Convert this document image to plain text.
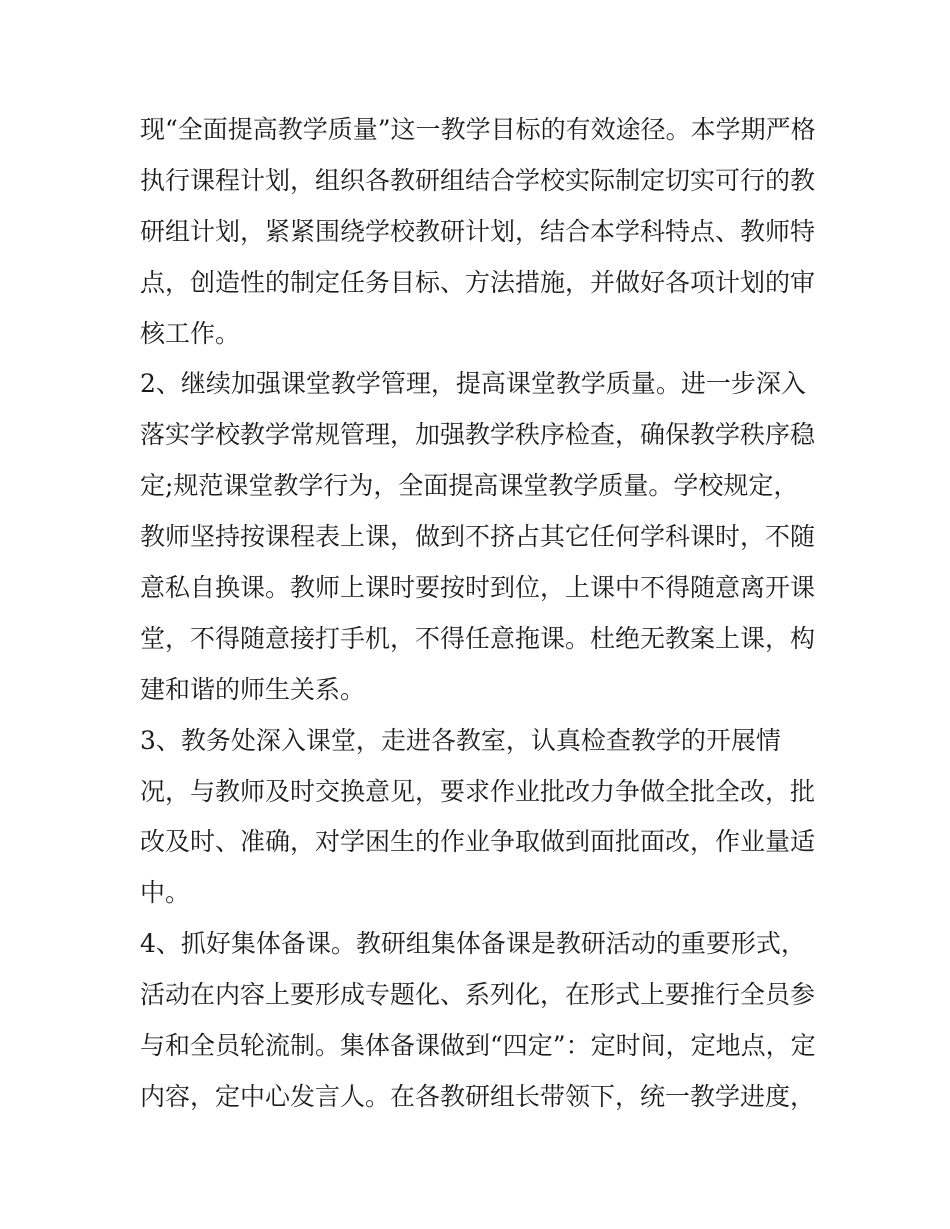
现“全面提高教学质量”这一教学目标的有效途径。本学期严格
执行课程计划，组织各教研组结合学校实际制定切实可行的教
研组计划，紧紧围绕学校教研计划，结合本学科特点、教师特
点，创造性的制定任务目标、方法措施，并做好各项计划的审
核工作。
2、继续加强课堂教学管理，提高课堂教学质量。进一步深入
落实学校教学常规管理，加强教学秩序检查，确保教学秩序稳
定;规范课堂教学行为，全面提高课堂教学质量。学校规定，
教师坚持按课程表上课，做到不挤占其它任何学科课时，不随
意私自换课。教师上课时要按时到位，上课中不得随意离开课
堂，不得随意接打手机，不得任意拖课。杜绝无教案上课，构
建和谐的师生关系。
3、教务处深入课堂，走进各教室，认真检查教学的开展情
况，与教师及时交换意见，要求作业批改力争做全批全改，批
改及时、准确，对学困生的作业争取做到面批面改，作业量适
中。
4、抓好集体备课。教研组集体备课是教研活动的重要形式，
活动在内容上要形成专题化、系列化，在形式上要推行全员参
与和全员轮流制。集体备课做到“四定”：定时间，定地点，定
内容，定中心发言人。在各教研组长带领下，统一教学进度，
